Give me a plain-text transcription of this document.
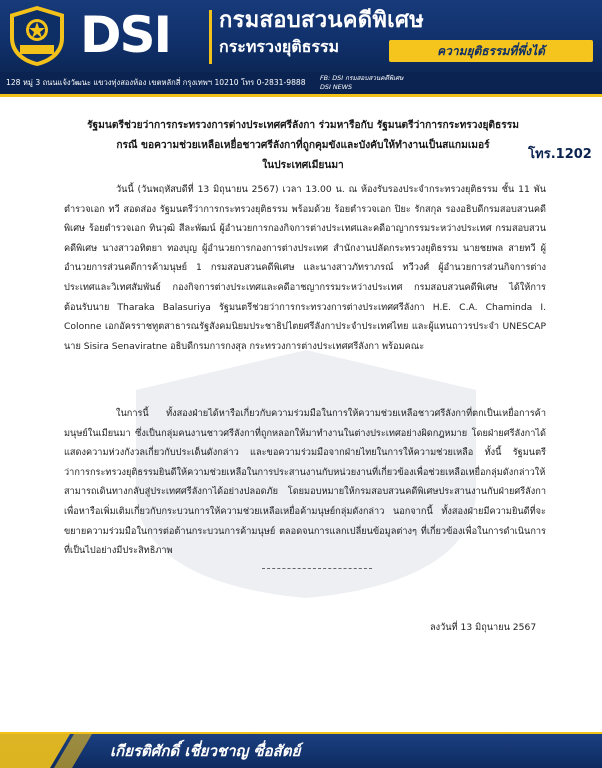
DSI กรมสอบสวนคดีพิเศษ
กระทรวงยุติธรรม	ความยุติธรรมที่พึ่งได้
128 หมู่ 3 ถนนแจ้งวัฒนะ แขวงทุ่งสองห้อง เขตหลักสี่ กรุงเทพฯ 10210 โทร 0-2831-9888 FB: DSI กรมสอบสวนคดีพิเศษ
DSI NEWS
โทร.1202
รัฐมนตรีช่วยว่าการกระทรวงการต่างประเทศศรีลังกา ร่วมหารือกับ รัฐมนตรีว่าการกระทรวงยุติธรรม
กรณี ขอความช่วยเหลือเหยื่อชาวศรีลังกาที่ถูกคุมขังและบังคับให้ทำงานเป็นสแกมเมอร์
ในประเทศเมียนมา

วันนี้ (วันพฤหัสบดีที่ 13 มิถุนายน 2567) เวลา 13.00 น. ณ ห้องรับรองประจำกระทรวงยุติธรรม ชั้น 11 พันตำรวจเอก ทวี สอดส่อง รัฐมนตรีว่าการกระทรวงยุติธรรม พร้อมด้วย ร้อยตำรวจเอก ปิยะ รักสกุล รองอธิบดีกรมสอบสวนคดีพิเศษ ร้อยตำรวจเอก ทินวุฒิ สีละพัฒน์ ผู้อำนวยการกองกิจการต่างประเทศและคดีอาญากรรมระหว่างประเทศ กรมสอบสวนคดีพิเศษ นางสาวอทิตยา ทองบุญ ผู้อำนวยการกองการต่างประเทศ สำนักงานปลัดกระทรวงยุติธรรม นายชยพล สายทวี ผู้อำนวยการส่วนคดีการค้ามนุษย์ 1 กรมสอบสวนคดีพิเศษ และนางสาวภัทราภรณ์ ทวีวงศ์ ผู้อำนวยการส่วนกิจการต่างประเทศและวิเทศสัมพันธ์ กองกิจการต่างประเทศและคดีอาชญากรรมระหว่างประเทศ กรมสอบสวนคดีพิเศษ ได้ให้การต้อนรับนาย Tharaka Balasuriya รัฐมนตรีช่วยว่าการกระทรวงการต่างประเทศศรีลังกา H.E. C.A. Chaminda I. Colonne เอกอัครราชทูตสาธารณรัฐสังคมนิยมประชาธิปไตยศรีลังกาประจำประเทศไทย และผู้แทนถาวรประจำ UNESCAP นาย Sisira Senaviratne อธิบดีกรมการกงสุล กระทรวงการต่างประเทศศรีลังกา พร้อมคณะ

ในการนี้ ทั้งสองฝ่ายได้หารือเกี่ยวกับความร่วมมือในการให้ความช่วยเหลือชาวศรีลังกาที่ตกเป็นเหยื่อการค้ามนุษย์ในเมียนมา ซึ่งเป็นกลุ่มคนงานชาวศรีลังกาที่ถูกหลอกให้มาทำงานในต่างประเทศอย่างผิดกฎหมาย โดยฝ่ายศรีลังกาได้แสดงความห่วงกังวลเกี่ยวกับประเด็นดังกล่าว และขอความร่วมมือจากฝ่ายไทยในการให้ความช่วยเหลือ ทั้งนี้ รัฐมนตรีว่าการกระทรวงยุติธรรมยินดีให้ความช่วยเหลือในการประสานงานกับหน่วยงานที่เกี่ยวข้องเพื่อช่วยเหลือเหยื่อกลุ่มดังกล่าวให้สามารถเดินทางกลับสู่ประเทศศรีลังกาได้อย่างปลอดภัย โดยมอบหมายให้กรมสอบสวนคดีพิเศษประสานงานกับฝ่ายศรีลังกา เพื่อหารือเพิ่มเติมเกี่ยวกับกระบวนการให้ความช่วยเหลือเหยื่อค้ามนุษย์กลุ่มดังกล่าว นอกจากนี้ ทั้งสองฝ่ายมีความยินดีที่จะขยายความร่วมมือในการต่อต้านกระบวนการค้ามนุษย์ ตลอดจนการแลกเปลี่ยนข้อมูลต่างๆ ที่เกี่ยวข้องเพื่อในการดำเนินการที่เป็นไปอย่างมีประสิทธิภาพ

ลงวันที่ 13 มิถุนายน 2567
เกียรติศักดิ์ เชี่ยวชาญ ซื่อสัตย์
